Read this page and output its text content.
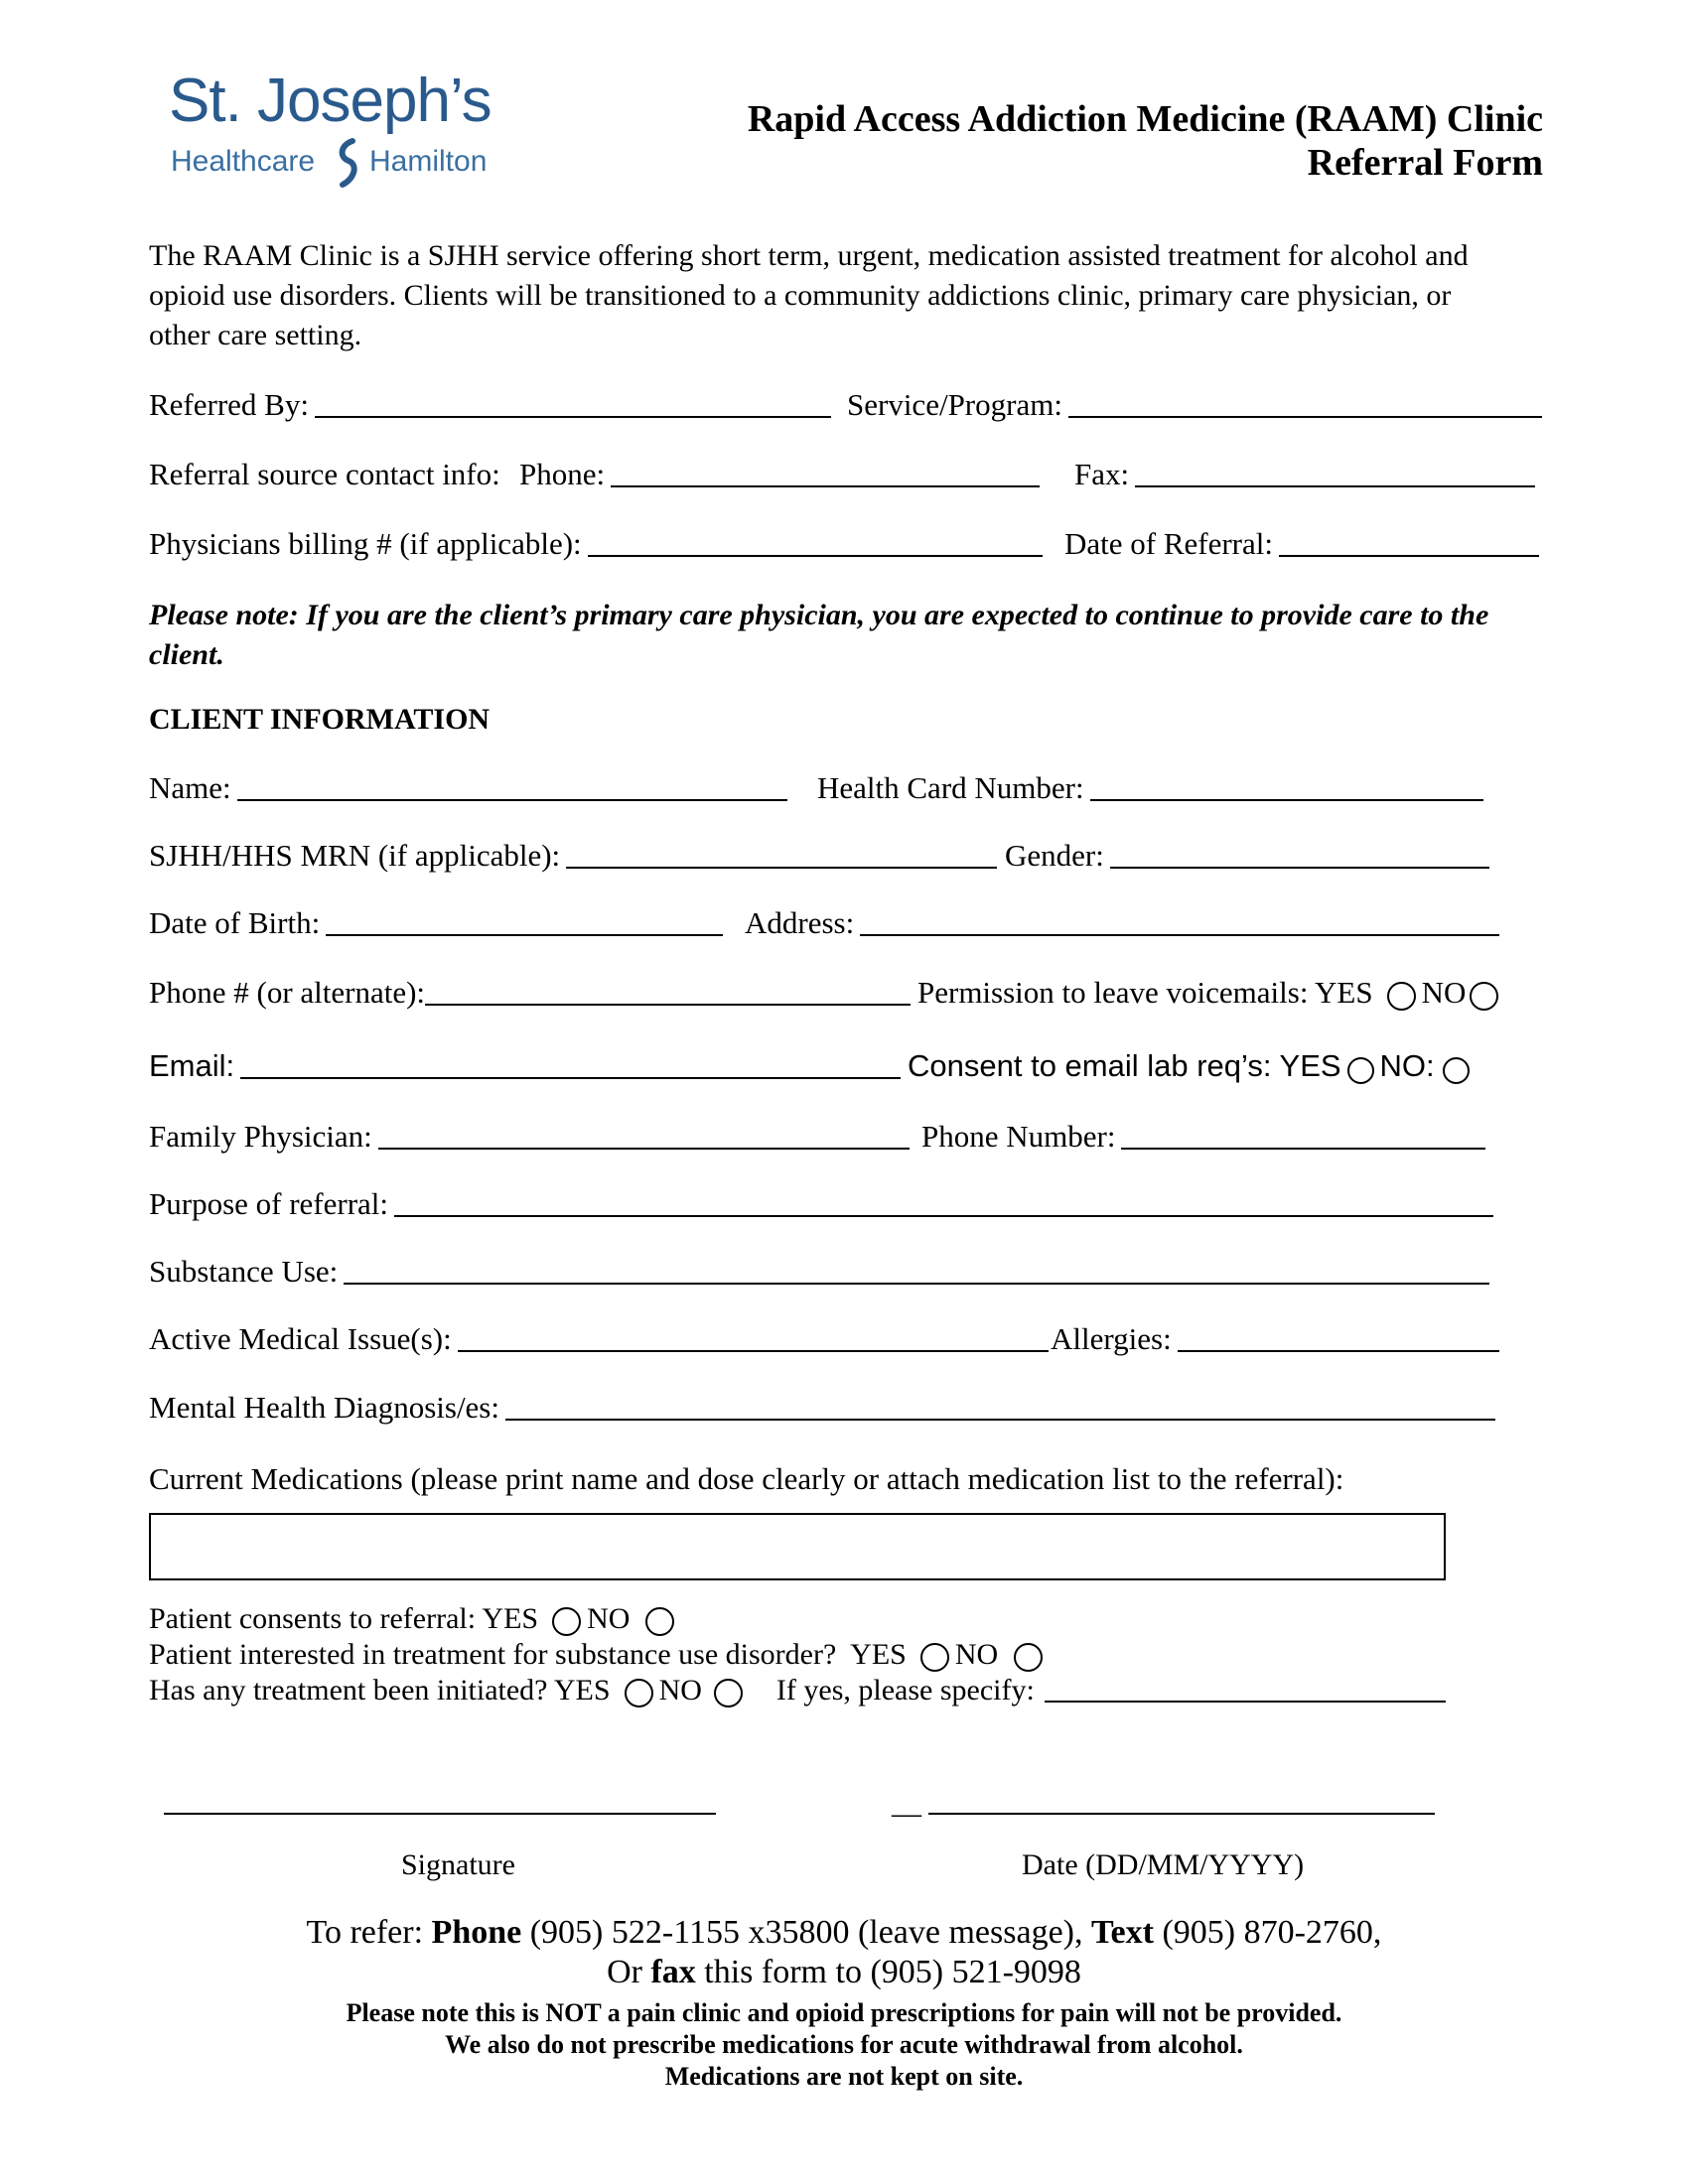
St. Joseph’s
Healthcare Hamilton
Rapid Access Addiction Medicine (RAAM) Clinic
Referral Form
The RAAM Clinic is a SJHH service offering short term, urgent, medication assisted treatment for alcohol and
opioid use disorders. Clients will be transitioned to a community addictions clinic, primary care physician, or
other care setting.
Referred By:	Service/Program:
Referral source contact info: Phone:	Fax:
Physicians billing # (if applicable):	Date of Referral:
Please note: If you are the client’s primary care physician, you are expected to continue to provide care to the
client.
CLIENT INFORMATION
Name:	Health Card Number:
SJHH/HHS MRN (if applicable):	Gender:
Date of Birth:	Address:
Phone # (or alternate):	Permission to leave voicemails: YES NO
Email:	Consent to email lab req’s: YES NO:
Family Physician:	Phone Number:
Purpose of referral:
Substance Use:
Active Medical Issue(s):	Allergies:
Mental Health Diagnosis/es:
Current Medications (please print name and dose clearly or attach medication list to the referral):
Patient consents to referral: YES NO
Patient interested in treatment for substance use disorder?  YES NO
Has any treatment been initiated? YES NO	If yes, please specify:
__
Signature	Date (DD/MM/YYYY)
To refer: Phone (905) 522-1155 x35800 (leave message), Text (905) 870-2760,
Or fax this form to (905) 521-9098
Please note this is NOT a pain clinic and opioid prescriptions for pain will not be provided.
We also do not prescribe medications for acute withdrawal from alcohol.
Medications are not kept on site.
